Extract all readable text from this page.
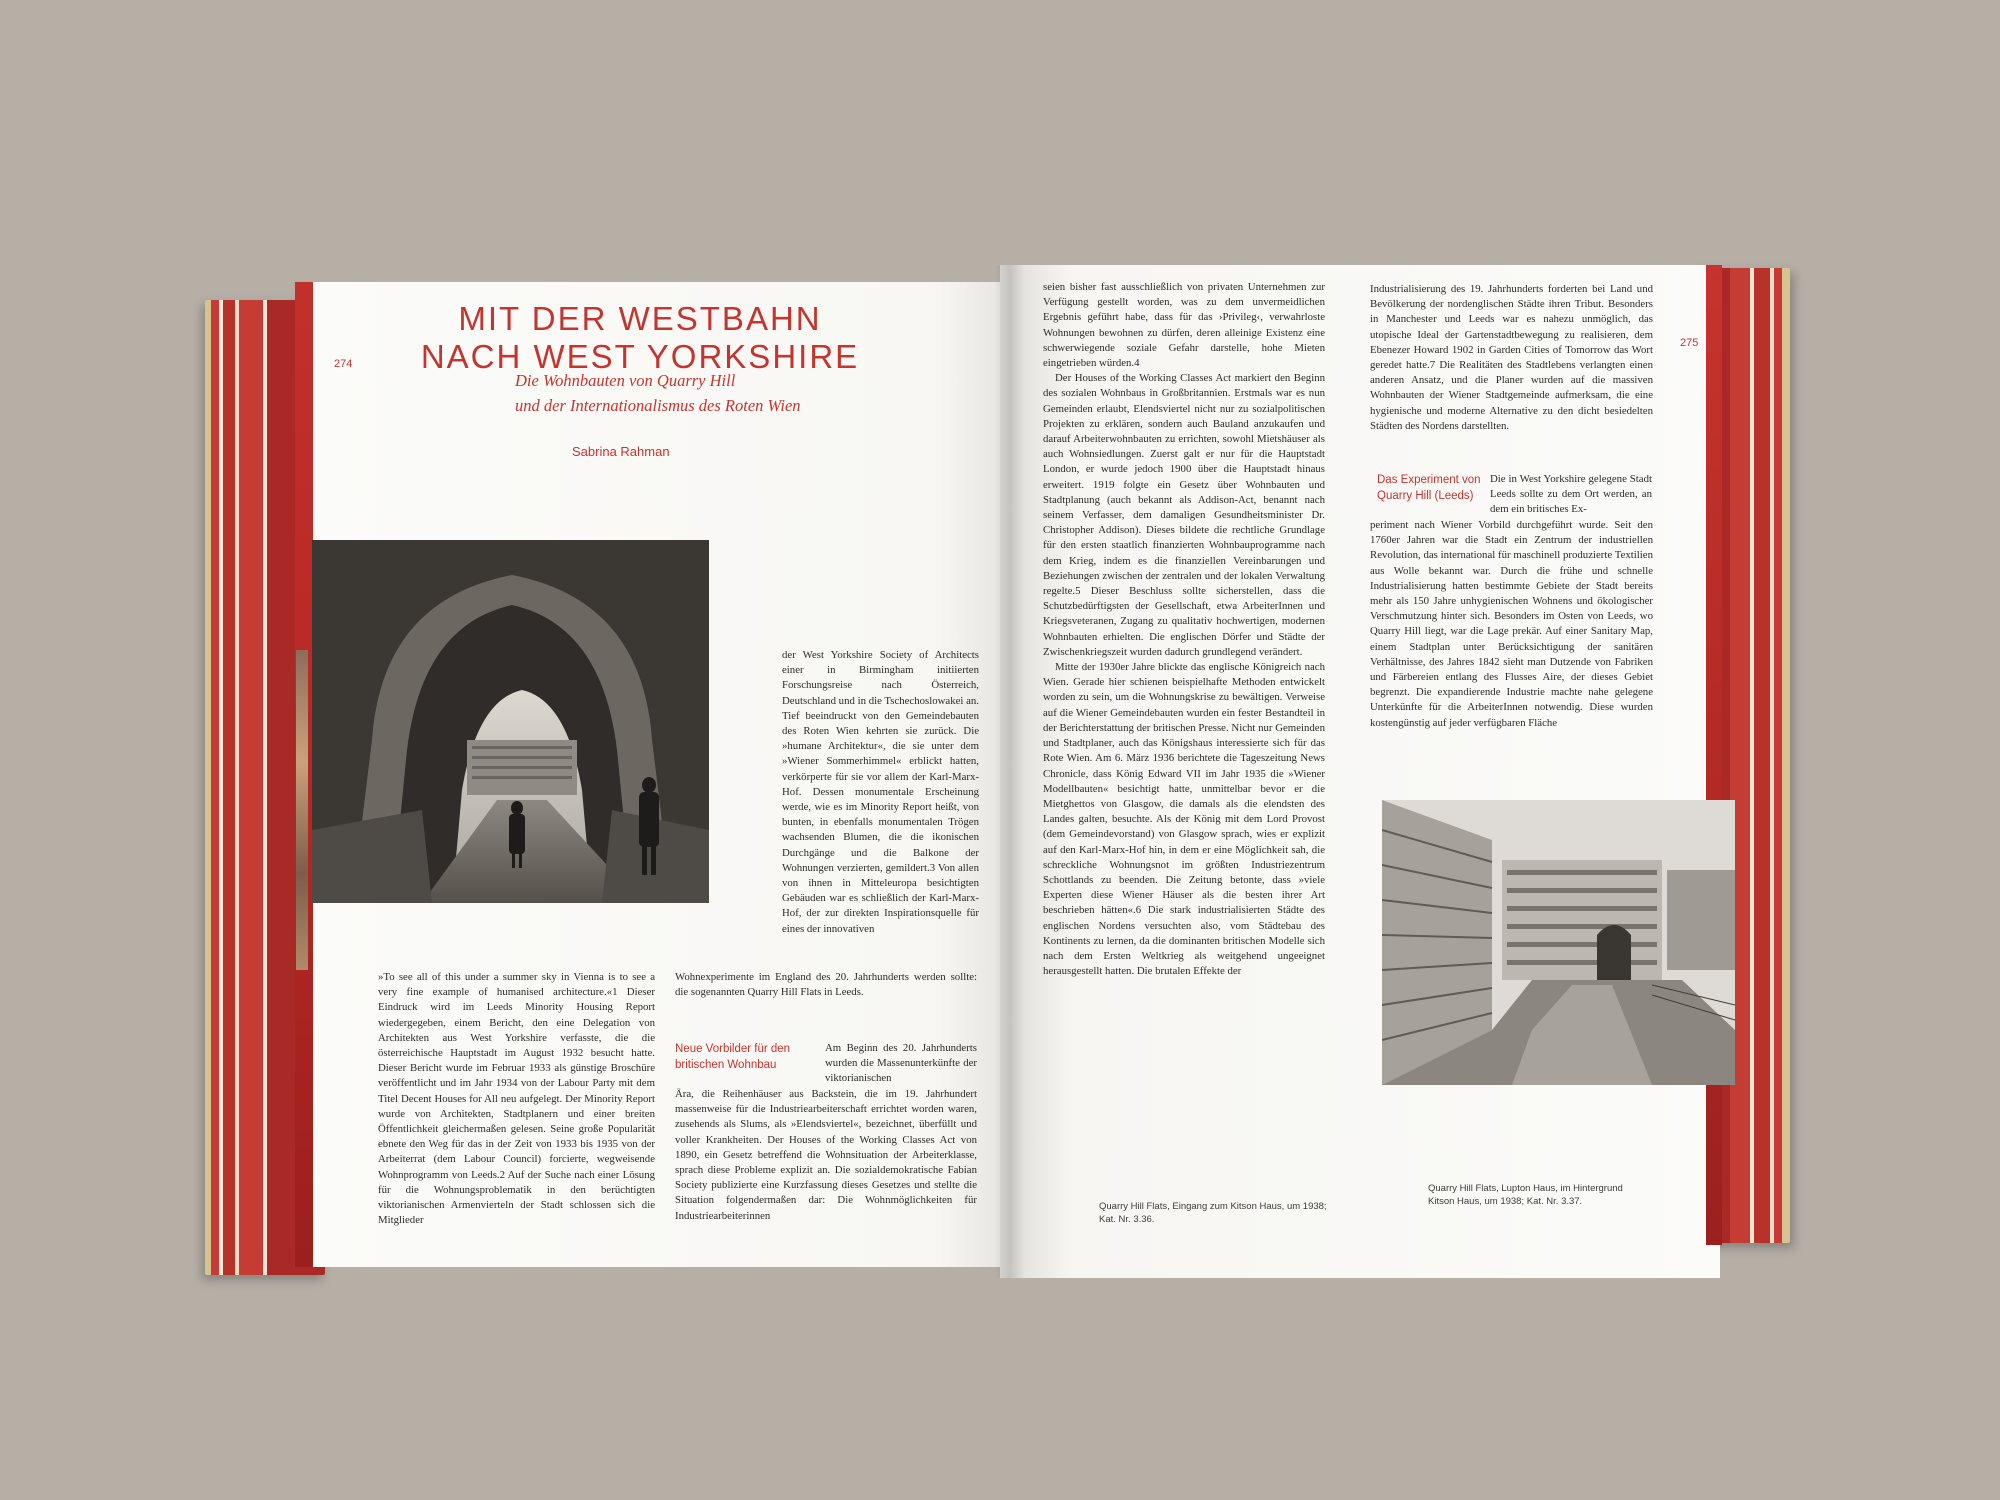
274
MIT DER WESTBAHN
NACH WEST YORKSHIRE
Die Wohnbauten von Quarry Hill
und der Internationalismus des Roten Wien
Sabrina Rahman

der West Yorkshire Society of Architects einer in Birmingham initiierten Forschungsreise nach Österreich, Deutschland und in die Tschechoslowakei an. Tief beeindruckt von den Gemeindebauten des Roten Wien kehrten sie zurück. Die »humane Architektur«, die sie unter dem »Wiener Sommerhimmel« erblickt hatten, verkörperte für sie vor allem der Karl-Marx-Hof. Dessen monumentale Erscheinung werde, wie es im Minority Report heißt, von bunten, in ebenfalls monumentalen Trögen wachsenden Blumen, die die ikonischen Durchgänge und die Balkone der Wohnungen verzierten, gemildert.3 Von allen von ihnen in Mitteleuropa besichtigten Gebäuden war es schließlich der Karl-Marx-Hof, der zur direkten Inspirationsquelle für eines der innovativen

Wohnexperimente im England des 20. Jahrhunderts werden sollte: die sogenannten Quarry Hill Flats in Leeds.

»To see all of this under a summer sky in Vienna is to see a very fine example of humanised architecture.«1 Dieser Eindruck wird im Leeds Minority Housing Report wiedergegeben, einem Bericht, den eine Delegation von Architekten aus West Yorkshire verfasste, die die österreichische Hauptstadt im August 1932 besucht hatte. Dieser Bericht wurde im Februar 1933 als günstige Broschüre veröffentlicht und im Jahr 1934 von der Labour Party mit dem Titel Decent Houses for All neu aufgelegt. Der Minority Report wurde von Architekten, Stadtplanern und einer breiten Öffentlichkeit gleichermaßen gelesen. Seine große Popularität ebnete den Weg für das in der Zeit von 1933 bis 1935 von der Arbeiterrat (dem Labour Council) forcierte, wegweisende Wohnprogramm von Leeds.2 Auf der Suche nach einer Lösung für die Wohnungsproblematik in den berüchtigten viktorianischen Armenvierteln der Stadt schlossen sich die Mitglieder

Neue Vorbilder für den
britischen Wohnbau

Am Beginn des 20. Jahrhunderts wurden die Massenunterkünfte der viktorianischen

Ära, die Reihenhäuser aus Backstein, die im 19. Jahrhundert massenweise für die Industriearbeiterschaft errichtet worden waren, zusehends als Slums, als »Elendsviertel«, bezeichnet, überfüllt und voller Krankheiten. Der Houses of the Working Classes Act von 1890, ein Gesetz betreffend die Wohnsituation der Arbeiterklasse, sprach diese Probleme explizit an. Die sozialdemokratische Fabian Society publizierte eine Kurzfassung dieses Gesetzes und stellte die Situation folgendermaßen dar: Die Wohnmöglichkeiten für Industriearbeiterinnen

275

seien bisher fast ausschließlich von privaten Unternehmen zur Verfügung gestellt worden, was zu dem unvermeidlichen Ergebnis geführt habe, dass für das ›Privileg‹, verwahrloste Wohnungen bewohnen zu dürfen, deren alleinige Existenz eine schwerwiegende soziale Gefahr darstelle, hohe Mieten eingetrieben würden.4

Der Houses of the Working Classes Act markiert den Beginn des sozialen Wohnbaus in Großbritannien. Erstmals war es nun Gemeinden erlaubt, Elendsviertel nicht nur zu sozialpolitischen Projekten zu erklären, sondern auch Bauland anzukaufen und darauf Arbeiterwohnbauten zu errichten, sowohl Mietshäuser als auch Wohnsiedlungen. Zuerst galt er nur für die Hauptstadt London, er wurde jedoch 1900 über die Hauptstadt hinaus erweitert. 1919 folgte ein Gesetz über Wohnbauten und Stadtplanung (auch bekannt als Addison-Act, benannt nach seinem Verfasser, dem damaligen Gesundheitsminister Dr. Christopher Addison). Dieses bildete die rechtliche Grundlage für den ersten staatlich finanzierten Wohnbauprogramme nach dem Krieg, indem es die finanziellen Vereinbarungen und Beziehungen zwischen der zentralen und der lokalen Verwaltung regelte.5 Dieser Beschluss sollte sicherstellen, dass die Schutzbedürftigsten der Gesellschaft, etwa ArbeiterInnen und Kriegsveteranen, Zugang zu qualitativ hochwertigen, modernen Wohnbauten erhielten. Die englischen Dörfer und Städte der Zwischenkriegszeit wurden dadurch grundlegend verändert.

Mitte der 1930er Jahre blickte das englische Königreich nach Wien. Gerade hier schienen beispielhafte Methoden entwickelt worden zu sein, um die Wohnungskrise zu bewältigen. Verweise auf die Wiener Gemeindebauten wurden ein fester Bestandteil in der Berichterstattung der britischen Presse. Nicht nur Gemeinden und Stadtplaner, auch das Königshaus interessierte sich für das Rote Wien. Am 6. März 1936 berichtete die Tageszeitung News Chronicle, dass König Edward VII im Jahr 1935 die »Wiener Modellbauten« besichtigt hatte, unmittelbar bevor er die Mietghettos von Glasgow, die damals als die elendsten des Landes galten, besuchte. Als der König mit dem Lord Provost (dem Gemeindevorstand) von Glasgow sprach, wies er explizit auf den Karl-Marx-Hof hin, in dem er eine Möglichkeit sah, die schreckliche Wohnungsnot im größten Industriezentrum Schottlands zu beenden. Die Zeitung betonte, dass »viele Experten diese Wiener Häuser als die besten ihrer Art beschrieben hätten«.6 Die stark industrialisierten Städte des englischen Nordens versuchten also, vom Städtebau des Kontinents zu lernen, da die dominanten britischen Modelle sich nach dem Ersten Weltkrieg als weitgehend ungeeignet herausgestellt hatten. Die brutalen Effekte der

Industrialisierung des 19. Jahrhunderts forderten bei Land und Bevölkerung der nordenglischen Städte ihren Tribut. Besonders in Manchester und Leeds war es nahezu unmöglich, das utopische Ideal der Gartenstadtbewegung zu realisieren, dem Ebenezer Howard 1902 in Garden Cities of Tomorrow das Wort geredet hatte.7 Die Realitäten des Stadtlebens verlangten einen anderen Ansatz, und die Planer wurden auf die massiven Wohnbauten der Wiener Stadtgemeinde aufmerksam, die eine hygienische und moderne Alternative zu den dicht besiedelten Städten des Nordens darstellten.

Das Experiment von
Quarry Hill (Leeds)

Die in West Yorkshire gelegene Stadt Leeds sollte zu dem Ort werden, an dem ein britisches Ex-

periment nach Wiener Vorbild durchgeführt wurde. Seit den 1760er Jahren war die Stadt ein Zentrum der industriellen Revolution, das international für maschinell produzierte Textilien aus Wolle bekannt war. Durch die frühe und schnelle Industrialisierung hatten bestimmte Gebiete der Stadt bereits mehr als 150 Jahre unhygienischen Wohnens und ökologischer Verschmutzung hinter sich. Besonders im Osten von Leeds, wo Quarry Hill liegt, war die Lage prekär. Auf einer Sanitary Map, einem Stadtplan unter Berücksichtigung der sanitären Verhältnisse, des Jahres 1842 sieht man Dutzende von Fabriken und Färbereien entlang des Flusses Aire, der dieses Gebiet begrenzt. Die expandierende Industrie machte nahe gelegene Unterkünfte für die ArbeiterInnen notwendig. Diese wurden kostengünstig auf jeder verfügbaren Fläche

Quarry Hill Flats, Eingang zum Kitson Haus, um 1938;
Kat. Nr. 3.36.
Quarry Hill Flats, Lupton Haus, im Hintergrund
Kitson Haus, um 1938; Kat. Nr. 3.37.
